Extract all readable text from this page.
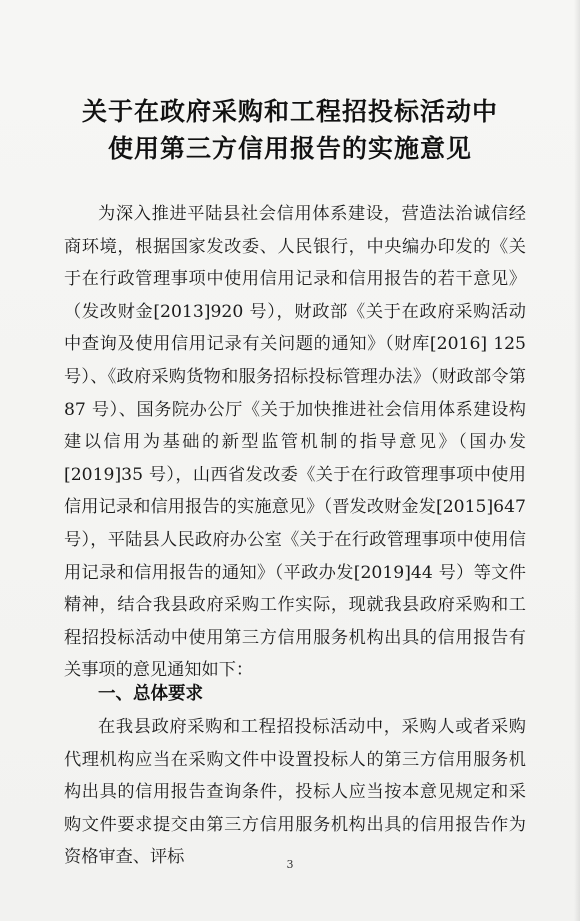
关于在政府采购和工程招投标活动中
使用第三方信用报告的实施意见

为深入推进平陆县社会信用体系建设，营造法治诚信经商环境，根据国家发改委、人民银行，中央编办印发的《关于在行政管理事项中使用信用记录和信用报告的若干意见》（发改财金[2013]920 号），财政部《关于在政府采购活动中查询及使用信用记录有关问题的通知》（财库[2016] 125 号）、《政府采购货物和服务招标投标管理办法》（财政部令第 87 号）、国务院办公厅《关于加快推进社会信用体系建设构建以信用为基础的新型监管机制的指导意见》（国办发[2019]35 号），山西省发改委《关于在行政管理事项中使用信用记录和信用报告的实施意见》（晋发改财金发[2015]647 号），平陆县人民政府办公室《关于在行政管理事项中使用信用记录和信用报告的通知》（平政办发[2019]44 号）等文件精神，结合我县政府采购工作实际，现就我县政府采购和工程招投标活动中使用第三方信用服务机构出具的信用报告有关事项的意见通知如下：

一、总体要求

在我县政府采购和工程招投标活动中，采购人或者采购代理机构应当在采购文件中设置投标人的第三方信用服务机构出具的信用报告查询条件，投标人应当按本意见规定和采购文件要求提交由第三方信用服务机构出具的信用报告作为资格审查、评标	3
